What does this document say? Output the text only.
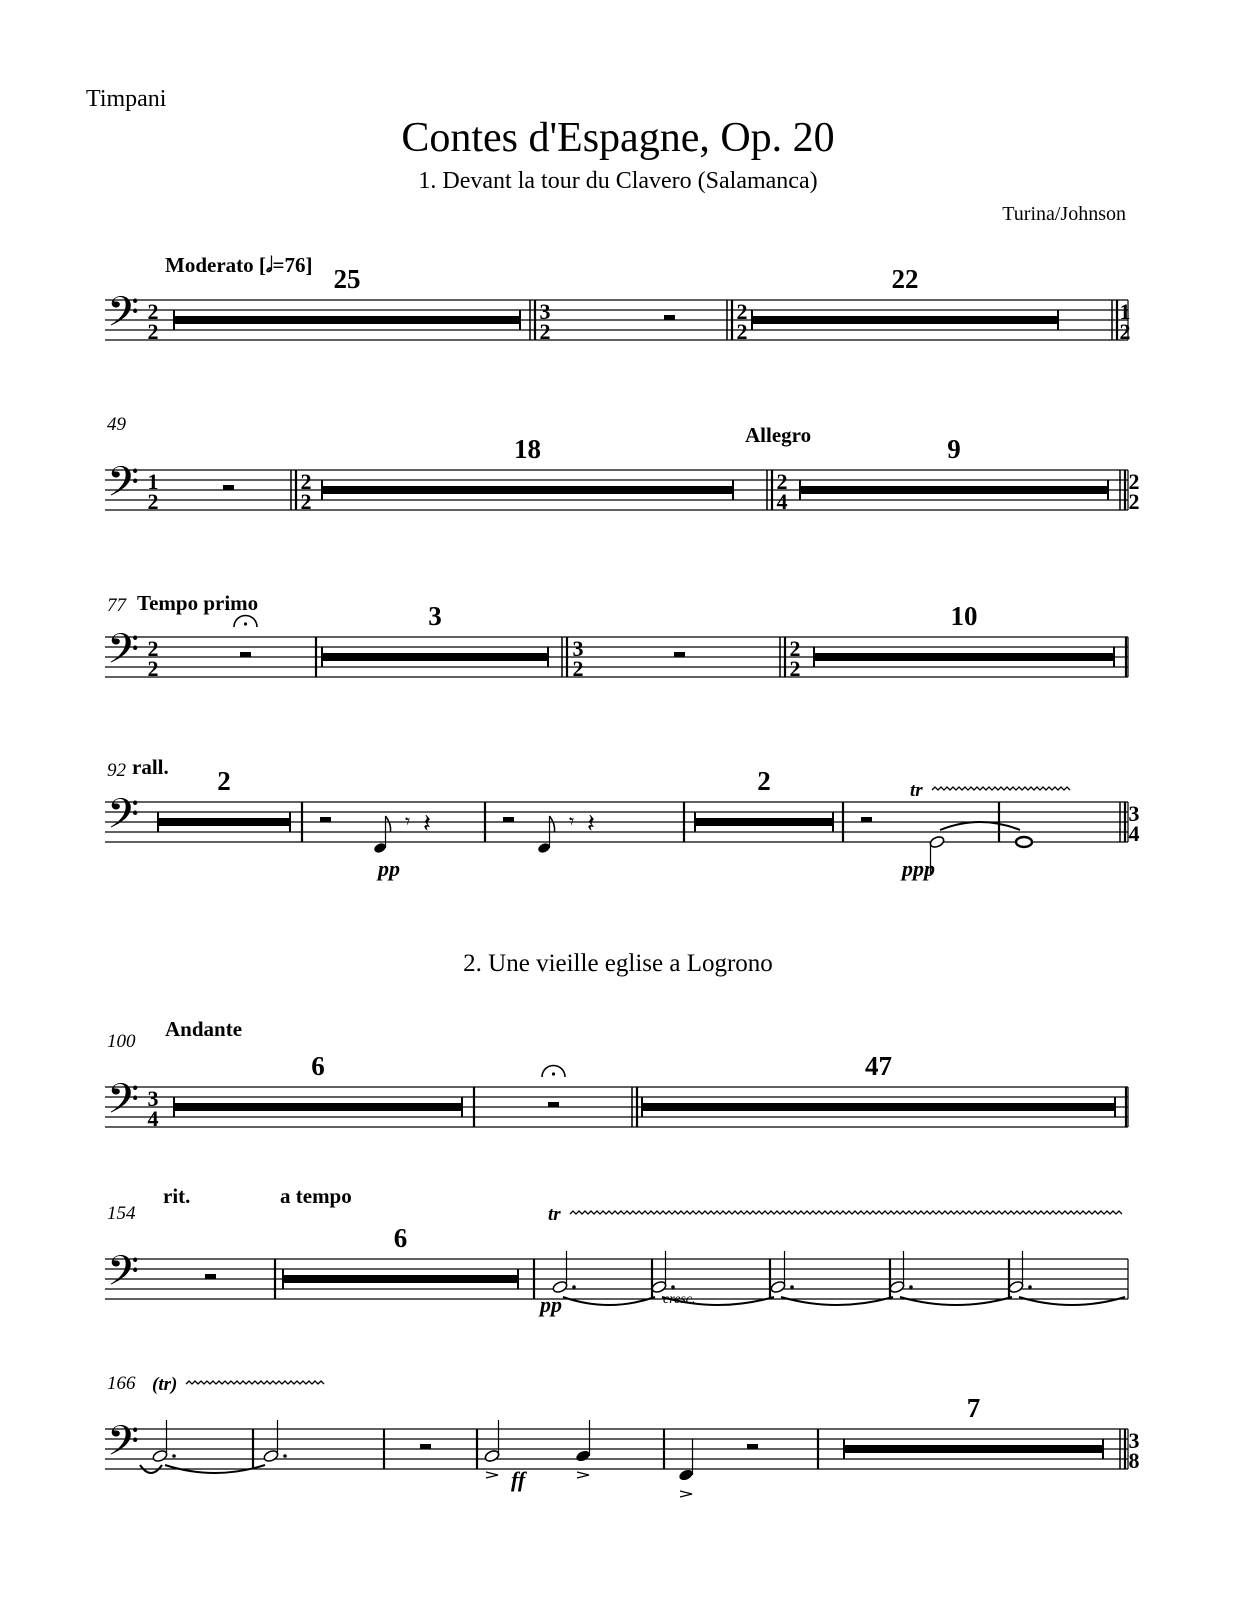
Timpani
Contes d'Espagne, Op. 20
1. Devant la tour du Clavero (Salamanca)
Turina/Johnson
2. Une vieille eglise a Logrono
𝄢 2
2
Moderato [𝅗𝅥=76] 25
3
2
2
2
22
1
2
𝄢 1
2
49	Allegro
2
2
18
2
4
9
2
2
𝄢 2
2
77 Tempo primo	3
3
2
2
2
10
𝄢
92 rall.
pp	ppp
2
𝄾 𝄽	𝄾 𝄽
2	tr
3
4
𝄢 3
4
100
Andante
6	47
𝄢
154
rit.	a tempo
pp	cresc.
6
tr
𝄢
166
ff
7
3
8
(tr)
